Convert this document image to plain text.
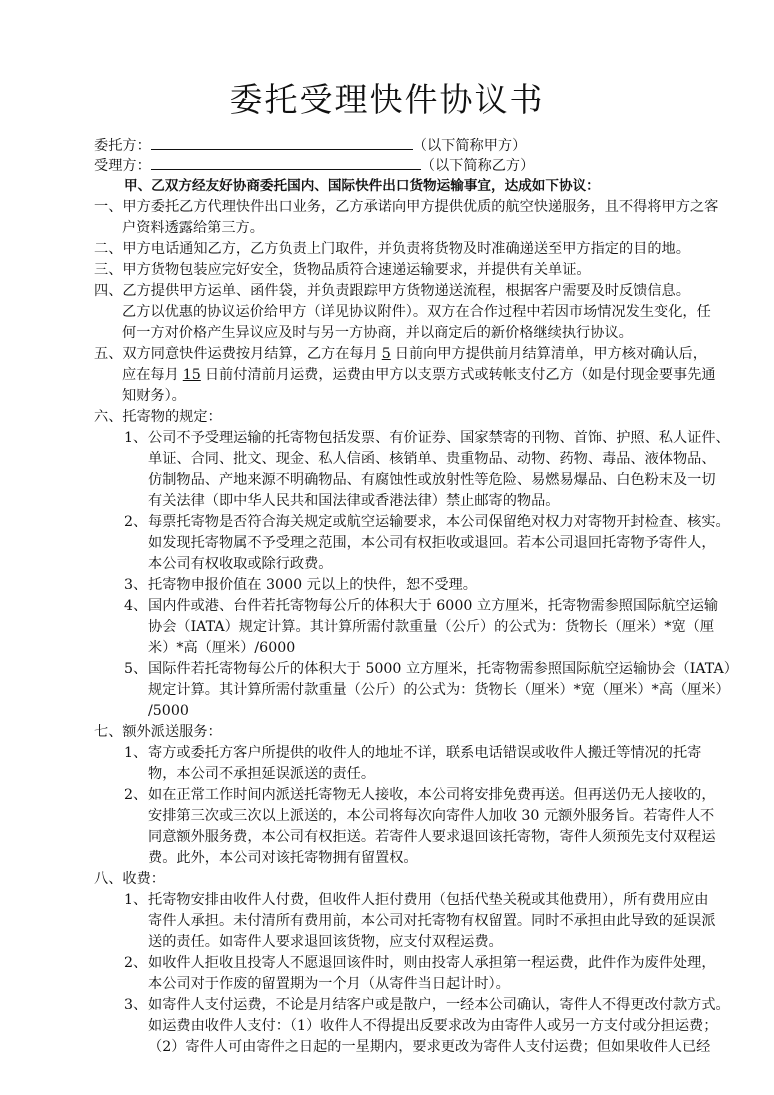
委托受理快件协议书
委托方：	（以下简称甲方）
受理方：	（以下简称乙方）
甲、乙双方经友好协商委托国内、国际快件出口货物运输事宜，达成如下协议：
一、甲方委托乙方代理快件出口业务，乙方承诺向甲方提供优质的航空快递服务，且不得将甲方之客
户资料透露给第三方。
二、甲方电话通知乙方，乙方负责上门取件，并负责将货物及时准确递送至甲方指定的目的地。
三、甲方货物包装应完好安全，货物品质符合速递运输要求，并提供有关单证。
四、乙方提供甲方运单、函件袋，并负责跟踪甲方货物递送流程，根据客户需要及时反馈信息。
乙方以优惠的协议运价给甲方（详见协议附件）。双方在合作过程中若因市场情况发生变化，任
何一方对价格产生异议应及时与另一方协商，并以商定后的新价格继续执行协议。
五、双方同意快件运费按月结算，乙方在每月 5 日前向甲方提供前月结算清单，甲方核对确认后，
应在每月 15 日前付清前月运费，运费由甲方以支票方式或转帐支付乙方（如是付现金要事先通
知财务）。
六、托寄物的规定：
1、 公司不予受理运输的托寄物包括发票、有价证券、国家禁寄的刊物、首饰、护照、私人证件、
单证、合同、批文、现金、私人信函、核销单、贵重物品、动物、药物、毒品、液体物品、
仿制物品、产地来源不明确物品、有腐蚀性或放射性等危险、易燃易爆品、白色粉末及一切
有关法律（即中华人民共和国法律或香港法律）禁止邮寄的物品。
2、 每票托寄物是否符合海关规定或航空运输要求，本公司保留绝对权力对寄物开封检查、核实。
如发现托寄物属不予受理之范围，本公司有权拒收或退回。若本公司退回托寄物予寄件人，
本公司有权收取或除行政费。
3、 托寄物申报价值在 3000 元以上的快件，恕不受理。
4、 国内件或港、台件若托寄物每公斤的体积大于 6000 立方厘米，托寄物需参照国际航空运输
协会（IATA）规定计算。其计算所需付款重量（公斤）的公式为：货物长（厘米）*宽（厘
米）*高（厘米）/6000
5、 国际件若托寄物每公斤的体积大于 5000 立方厘米，托寄物需参照国际航空运输协会（IATA）
规定计算。其计算所需付款重量（公斤）的公式为：货物长（厘米）*宽（厘米）*高（厘米）
/5000
七、额外派送服务：
1、 寄方或委托方客户所提供的收件人的地址不详，联系电话错误或收件人搬迁等情况的托寄
物，本公司不承担延误派送的责任。
2、 如在正常工作时间内派送托寄物无人接收，本公司将安排免费再送。但再送仍无人接收的，
安排第三次或三次以上派送的，本公司将每次向寄件人加收 30 元额外服务旨。若寄件人不
同意额外服务费，本公司有权拒送。若寄件人要求退回该托寄物，寄件人须预先支付双程运
费。此外，本公司对该托寄物拥有留置权。
八、收费：
1、 托寄物安排由收件人付费，但收件人拒付费用（包括代垫关税或其他费用），所有费用应由
寄件人承担。未付清所有费用前，本公司对托寄物有权留置。同时不承担由此导致的延误派
送的责任。如寄件人要求退回该货物，应支付双程运费。
2、 如收件人拒收且投寄人不愿退回该件时，则由投寄人承担第一程运费，此件作为废件处理，
本公司对于作废的留置期为一个月（从寄件当日起计时）。
3、 如寄件人支付运费，不论是月结客户或是散户，一经本公司确认，寄件人不得更改付款方式。
如运费由收件人支付：（1）收件人不得提出反要求改为由寄件人或另一方支付或分担运费；
（2）寄件人可由寄件之日起的一星期内，要求更改为寄件人支付运费；但如果收件人已经
